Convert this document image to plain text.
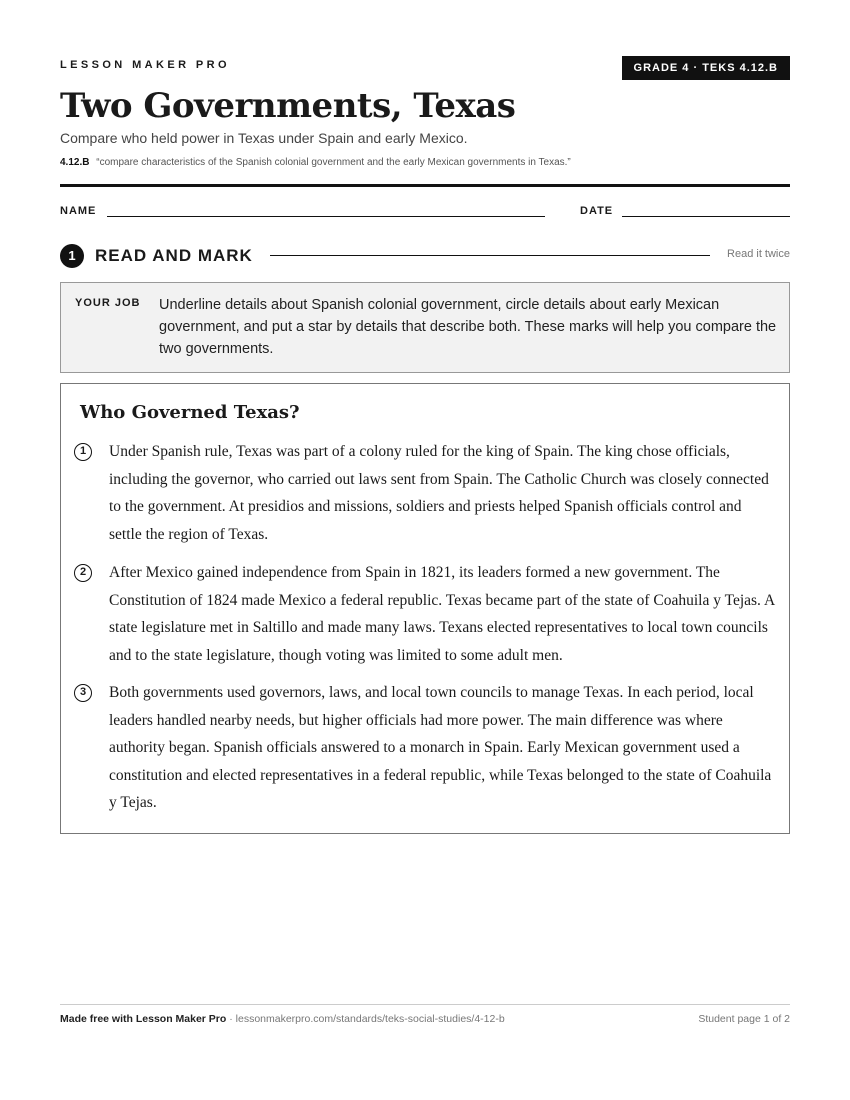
LESSON MAKER PRO	GRADE 4 · TEKS 4.12.B
Two Governments, Texas
Compare who held power in Texas under Spain and early Mexico.
4.12.B “compare characteristics of the Spanish colonial government and the early Mexican governments in Texas.”
NAME	DATE
1	READ AND MARK	Read it twice
YOUR JOB Underline details about Spanish colonial government, circle details about early Mexican government, and put a star by details that describe both. These marks will help you compare the two governments.
Who Governed Texas?
1	Under Spanish rule, Texas was part of a colony ruled for the king of Spain. The king chose officials, including the governor, who carried out laws sent from Spain. The Catholic Church was closely connected to the government. At presidios and missions, soldiers and priests helped Spanish officials control and settle the region of Texas.

2	After Mexico gained independence from Spain in 1821, its leaders formed a new government. The Constitution of 1824 made Mexico a federal republic. Texas became part of the state of Coahuila y Tejas. A state legislature met in Saltillo and made many laws. Texans elected representatives to local town councils and to the state legislature, though voting was limited to some adult men.

3	Both governments used governors, laws, and local town councils to manage Texas. In each period, local leaders handled nearby needs, but higher officials had more power. The main difference was where authority began. Spanish officials answered to a monarch in Spain. Early Mexican government used a constitution and elected representatives in a federal republic, while Texas belonged to the state of Coahuila y Tejas.

Made free with Lesson Maker Pro · lessonmakerpro.com/standards/teks-social-studies/4-12-b	Student page 1 of 2
